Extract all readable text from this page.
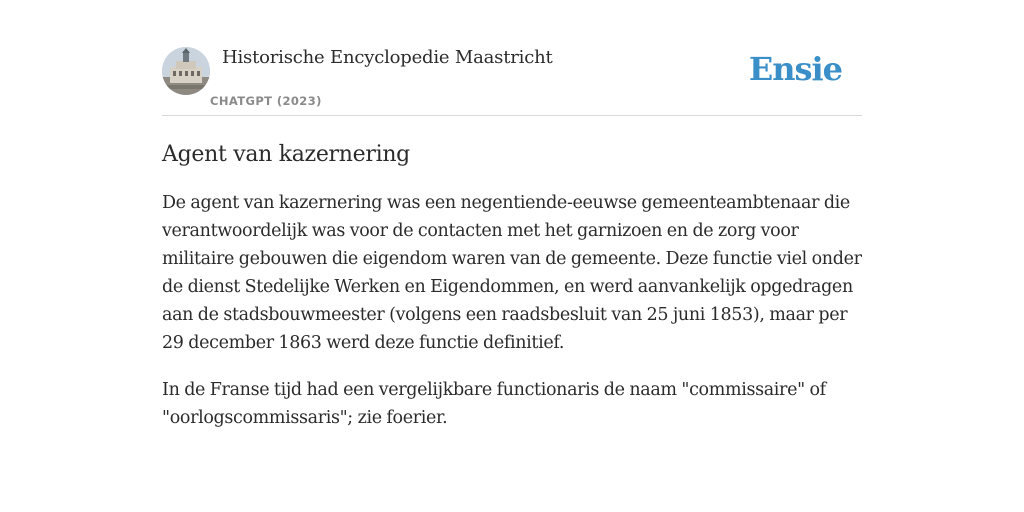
Historische Encyclopedie Maastricht
CHATGPT (2023)
Ensie
Agent van kazernering

De agent van kazernering was een negentiende-eeuwse gemeenteambtenaar die verantwoordelijk was voor de contacten met het garnizoen en de zorg voor militaire gebouwen die eigendom waren van de gemeente. Deze functie viel onder de dienst Stedelijke Werken en Eigendommen, en werd aanvankelijk opgedragen aan de stadsbouwmeester (volgens een raadsbesluit van 25 juni 1853), maar per 29 december 1863 werd deze functie definitief.

In de Franse tijd had een vergelijkbare functionaris de naam "commissaire" of "oorlogscommissaris"; zie foerier.
